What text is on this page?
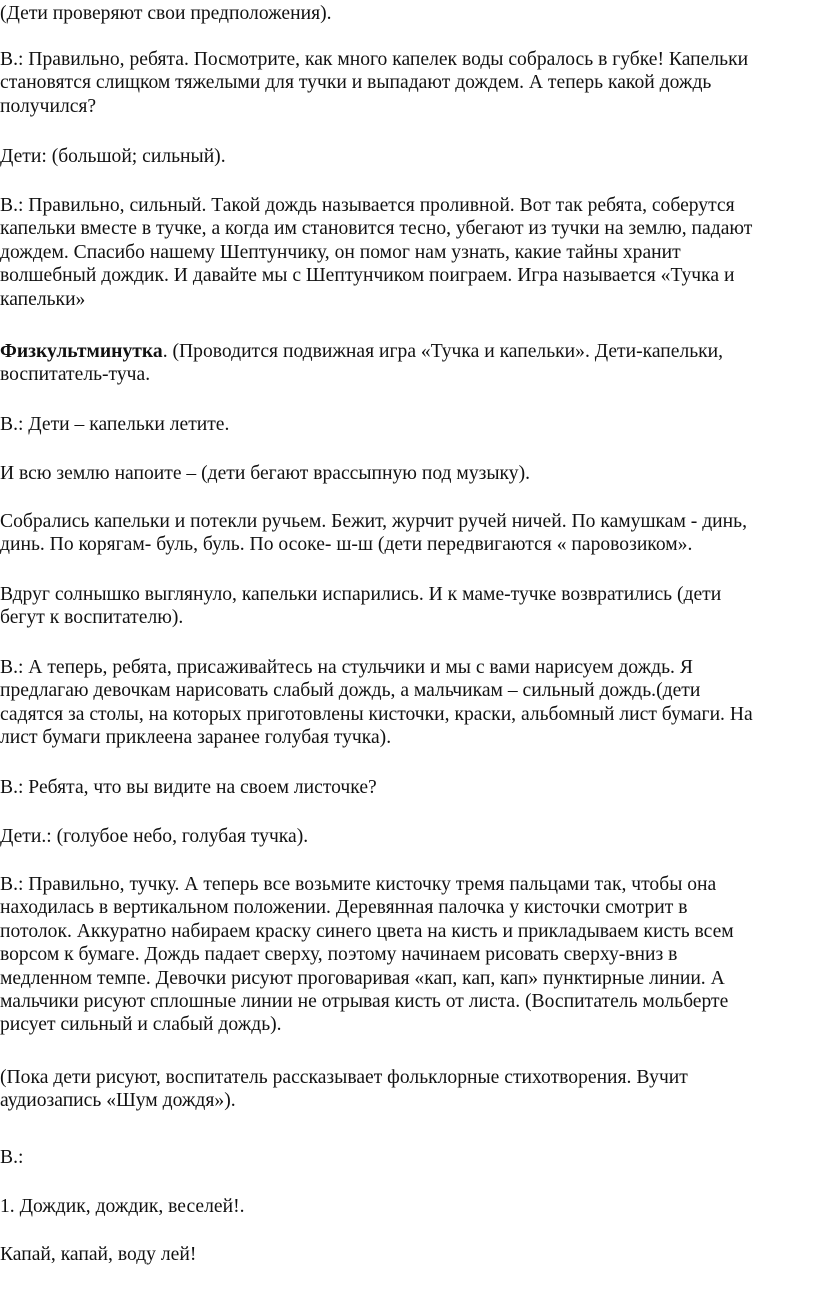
(Дети проверяют свои предположения).
В.: Правильно, ребята. Посмотрите, как много капелек воды собралось в губке! Капельки
становятся слищком тяжелыми для тучки и выпадают дождем. А теперь какой дождь
получился?
Дети: (большой; сильный).
В.: Правильно, сильный. Такой дождь называется проливной. Вот так ребята, соберутся
капельки вместе в тучке, а когда им становится тесно, убегают из тучки на землю, падают
дождем. Спасибо нашему Шептунчику, он помог нам узнать, какие тайны хранит
волшебный дождик. И давайте мы с Шептунчиком поиграем. Игра называется «Тучка и
капельки»
Физкультминутка. (Проводится подвижная игра «Тучка и капельки». Дети-капельки,
воспитатель-туча.
В.: Дети – капельки летите.
И всю землю напоите – (дети бегают врассыпную под музыку).
Собрались капельки и потекли ручьем. Бежит, журчит ручей ничей. По камушкам - динь,
динь. По корягам- буль, буль. По осоке- ш-ш (дети передвигаются « паровозиком».
Вдруг солнышко выглянуло, капельки испарились. И к маме-тучке возвратились (дети
бегут к воспитателю).
В.: А теперь, ребята, присаживайтесь на стульчики и мы с вами нарисуем дождь. Я
предлагаю девочкам нарисовать слабый дождь, а мальчикам – сильный дождь.(дети
садятся за столы, на которых приготовлены кисточки, краски, альбомный лист бумаги. На
лист бумаги приклеена заранее голубая тучка).
В.: Ребята, что вы видите на своем листочке?
Дети.: (голубое небо, голубая тучка).
В.: Правильно, тучку. А теперь все возьмите кисточку тремя пальцами так, чтобы она
находилась в вертикальном положении. Деревянная палочка у кисточки смотрит в
потолок. Аккуратно набираем краску синего цвета на кисть и прикладываем кисть всем
ворсом к бумаге. Дождь падает сверху, поэтому начинаем рисовать сверху-вниз в
медленном темпе. Девочки рисуют проговаривая «кап, кап, кап» пунктирные линии. А
мальчики рисуют сплошные линии не отрывая кисть от листа. (Воспитатель мольберте
рисует сильный и слабый дождь).
(Пока дети рисуют, воспитатель рассказывает фольклорные стихотворения. Вучит
аудиозапись «Шум дождя»).
В.:
1. Дождик, дождик, веселей!.
Капай, капай, воду лей!
